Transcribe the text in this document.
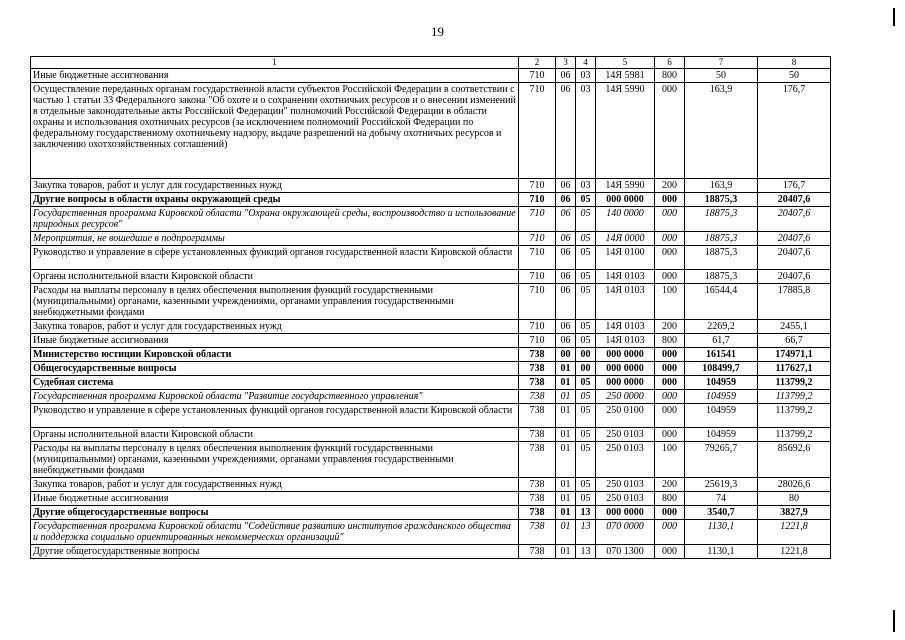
19
1	2	3	4	5	6	7	8
Иные бюджетные ассигнования	710	06	03	14Я 5981	800	50	50
Осуществление переданных органам государственной власти субъектов Российской Федерации в соответствии с частью 1 статьи 33 Федерального закона "Об охоте и о сохранении охотничьих ресурсов и о внесении изменений в отдельные законодательные акты Российской Федерации" полномочий Российской Федерации в области охраны и использования охотничьих ресурсов (за исключением полномочий Российской Федерации по федеральному государственному охотничьему надзору, выдаче разрешений на добычу охотничьих ресурсов и заключению охотхозяйственных соглашений)	710	06	03	14Я 5990	000	163,9	176,7
Закупка товаров, работ и услуг для государственных нужд	710	06	03	14Я 5990	200	163,9	176,7
Другие вопросы в области охраны окружающей среды	710	06	05	000 0000	000	18875,3	20407,6
Государственная программа Кировской области "Охрана окружающей среды, воспроизводство и использование природных ресурсов"	710	06	05	140 0000	000	18875,3	20407,6
Мероприятия, не вошедшие в подпрограммы	710	06	05	14Я 0000	000	18875,3	20407,6
Руководство и управление в сфере установленных функций органов государственной власти Кировской области	710	06	05	14Я 0100	000	18875,3	20407,6
Органы исполнительной власти Кировской области	710	06	05	14Я 0103	000	18875,3	20407,6
Расходы на выплаты персоналу в целях обеспечения выполнения функций государственными (муниципальными) органами, казенными учреждениями, органами управления государственными внебюджетными фондами	710	06	05	14Я 0103	100	16544,4	17885,8
Закупка товаров, работ и услуг для государственных нужд	710	06	05	14Я 0103	200	2269,2	2455,1
Иные бюджетные ассигнования	710	06	05	14Я 0103	800	61,7	66,7
Министерство юстиции Кировской области	738	00	00	000 0000	000	161541	174971,1
Общегосударственные вопросы	738	01	00	000 0000	000	108499,7	117627,1
Судебная система	738	01	05	000 0000	000	104959	113799,2
Государственная программа Кировской области "Развитие государственного управления"	738	01	05	250 0000	000	104959	113799,2
Руководство и управление в сфере установленных функций органов государственной власти Кировской области	738	01	05	250 0100	000	104959	113799,2
Органы исполнительной власти Кировской области	738	01	05	250 0103	000	104959	113799,2
Расходы на выплаты персоналу в целях обеспечения выполнения функций государственными (муниципальными) органами, казенными учреждениями, органами управления государственными внебюджетными фондами	738	01	05	250 0103	100	79265,7	85692,6
Закупка товаров, работ и услуг для государственных нужд	738	01	05	250 0103	200	25619,3	28026,6
Иные бюджетные ассигнования	738	01	05	250 0103	800	74	80
Другие общегосударственные вопросы	738	01	13	000 0000	000	3540,7	3827,9
Государственная программа Кировской области "Содействие развитию институтов гражданского общества и поддержка социально ориентированных некоммерческих организаций"	738	01	13	070 0000	000	1130,1	1221,8
Другие общегосударственные вопросы	738	01	13	070 1300	000	1130,1	1221,8
